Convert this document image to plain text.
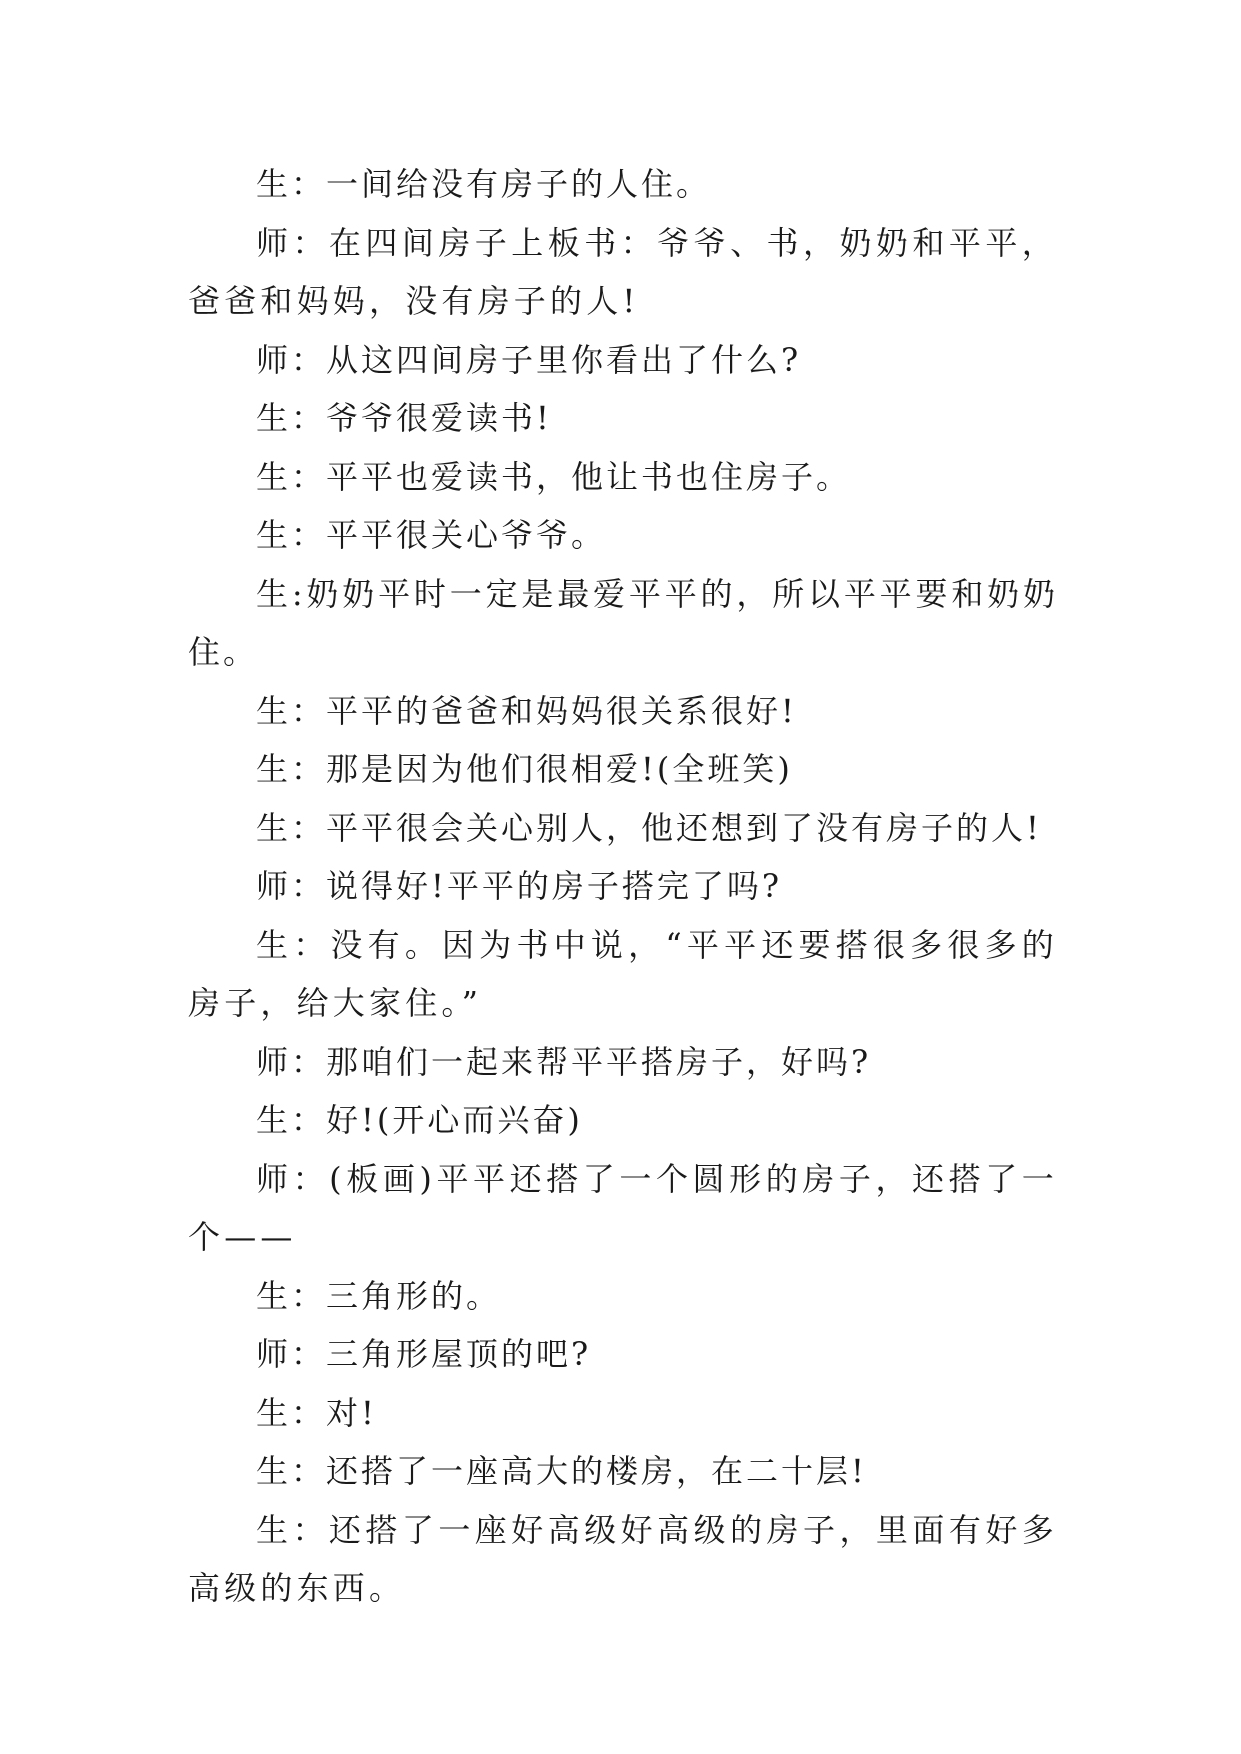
生：一间给没有房子的人住。

师：在四间房子上板书：爷爷、书，奶奶和平平，爸爸和妈妈，没有房子的人!

师：从这四间房子里你看出了什么?

生：爷爷很爱读书!

生：平平也爱读书，他让书也住房子。

生：平平很关心爷爷。

生:奶奶平时一定是最爱平平的，所以平平要和奶奶住。

生：平平的爸爸和妈妈很关系很好!

生：那是因为他们很相爱!(全班笑)

生：平平很会关心别人，他还想到了没有房子的人!

师：说得好!平平的房子搭完了吗?

生：没有。因为书中说，“平平还要搭很多很多的房子，给大家住。”

师：那咱们一起来帮平平搭房子，好吗?

生：好!(开心而兴奋)

师：(板画)平平还搭了一个圆形的房子，还搭了一个——

生：三角形的。

师：三角形屋顶的吧?

生：对!

生：还搭了一座高大的楼房，在二十层!

生：还搭了一座好高级好高级的房子，里面有好多高级的东西。
